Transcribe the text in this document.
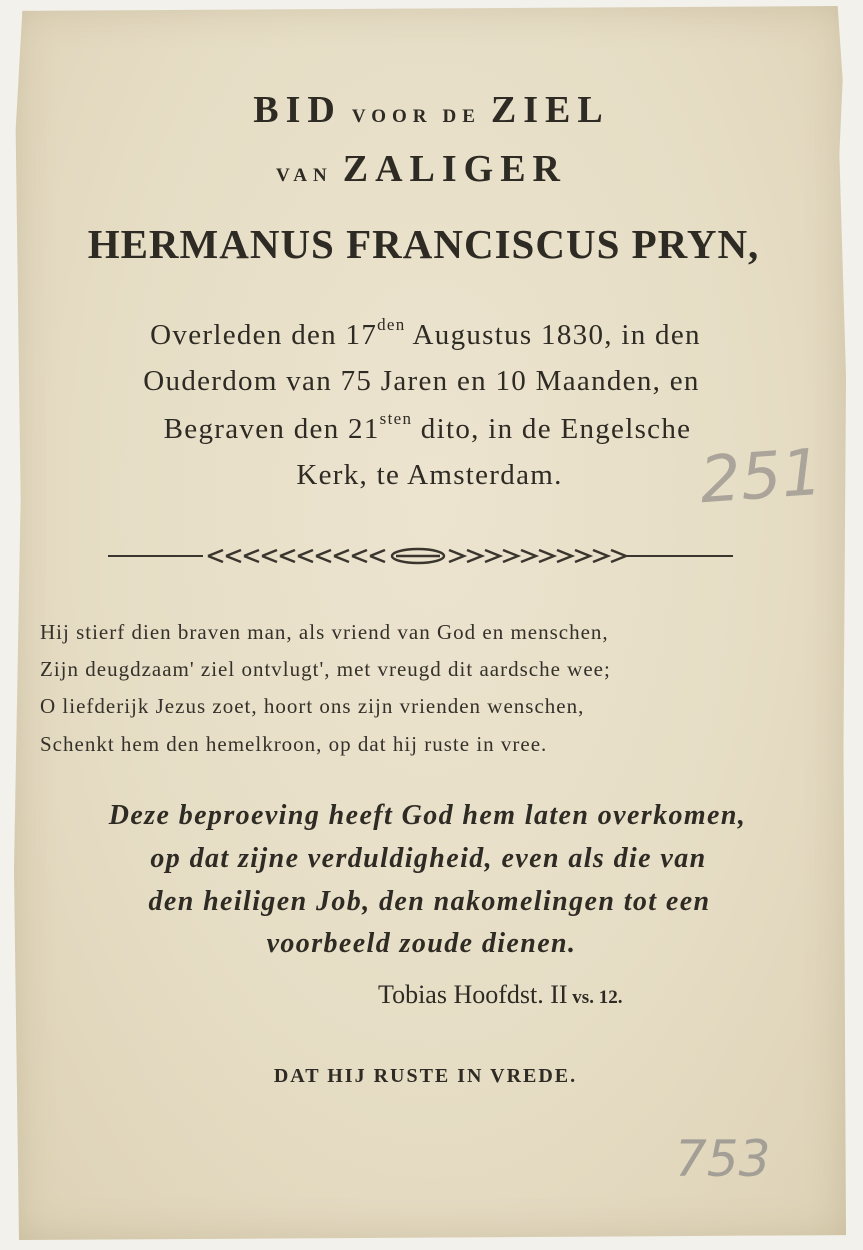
BID VOOR DE ZIEL
VAN ZALIGER
HERMANUS FRANCISCUS PRYN,
Overleden den $17^{den}$ Augustus 1830, in den
Ouderdom van 75 Jaren en 10 Maanden, en
Begraven den $21^{sten}$ dito, in de Engelsche
Kerk, te Amsterdam.
Hij stierf dien braven man, als vriend van God en menschen,
Zijn deugdzaam' ziel ontvlugt', met vreugd dit aardsche wee;
O liefderijk Jezus zoet, hoort ons zijn vrienden wenschen,
Schenkt hem den hemelkroon, op dat hij ruste in vree.
Deze beproeving heeft God hem laten overkomen,
op dat zijne verduldigheid, even als die van
den heiligen Job, den nakomelingen tot een
voorbeeld zoude dienen.
Tobias Hoofdst. II vs. 12.
DAT HIJ RUSTE IN VREDE.
251
753
